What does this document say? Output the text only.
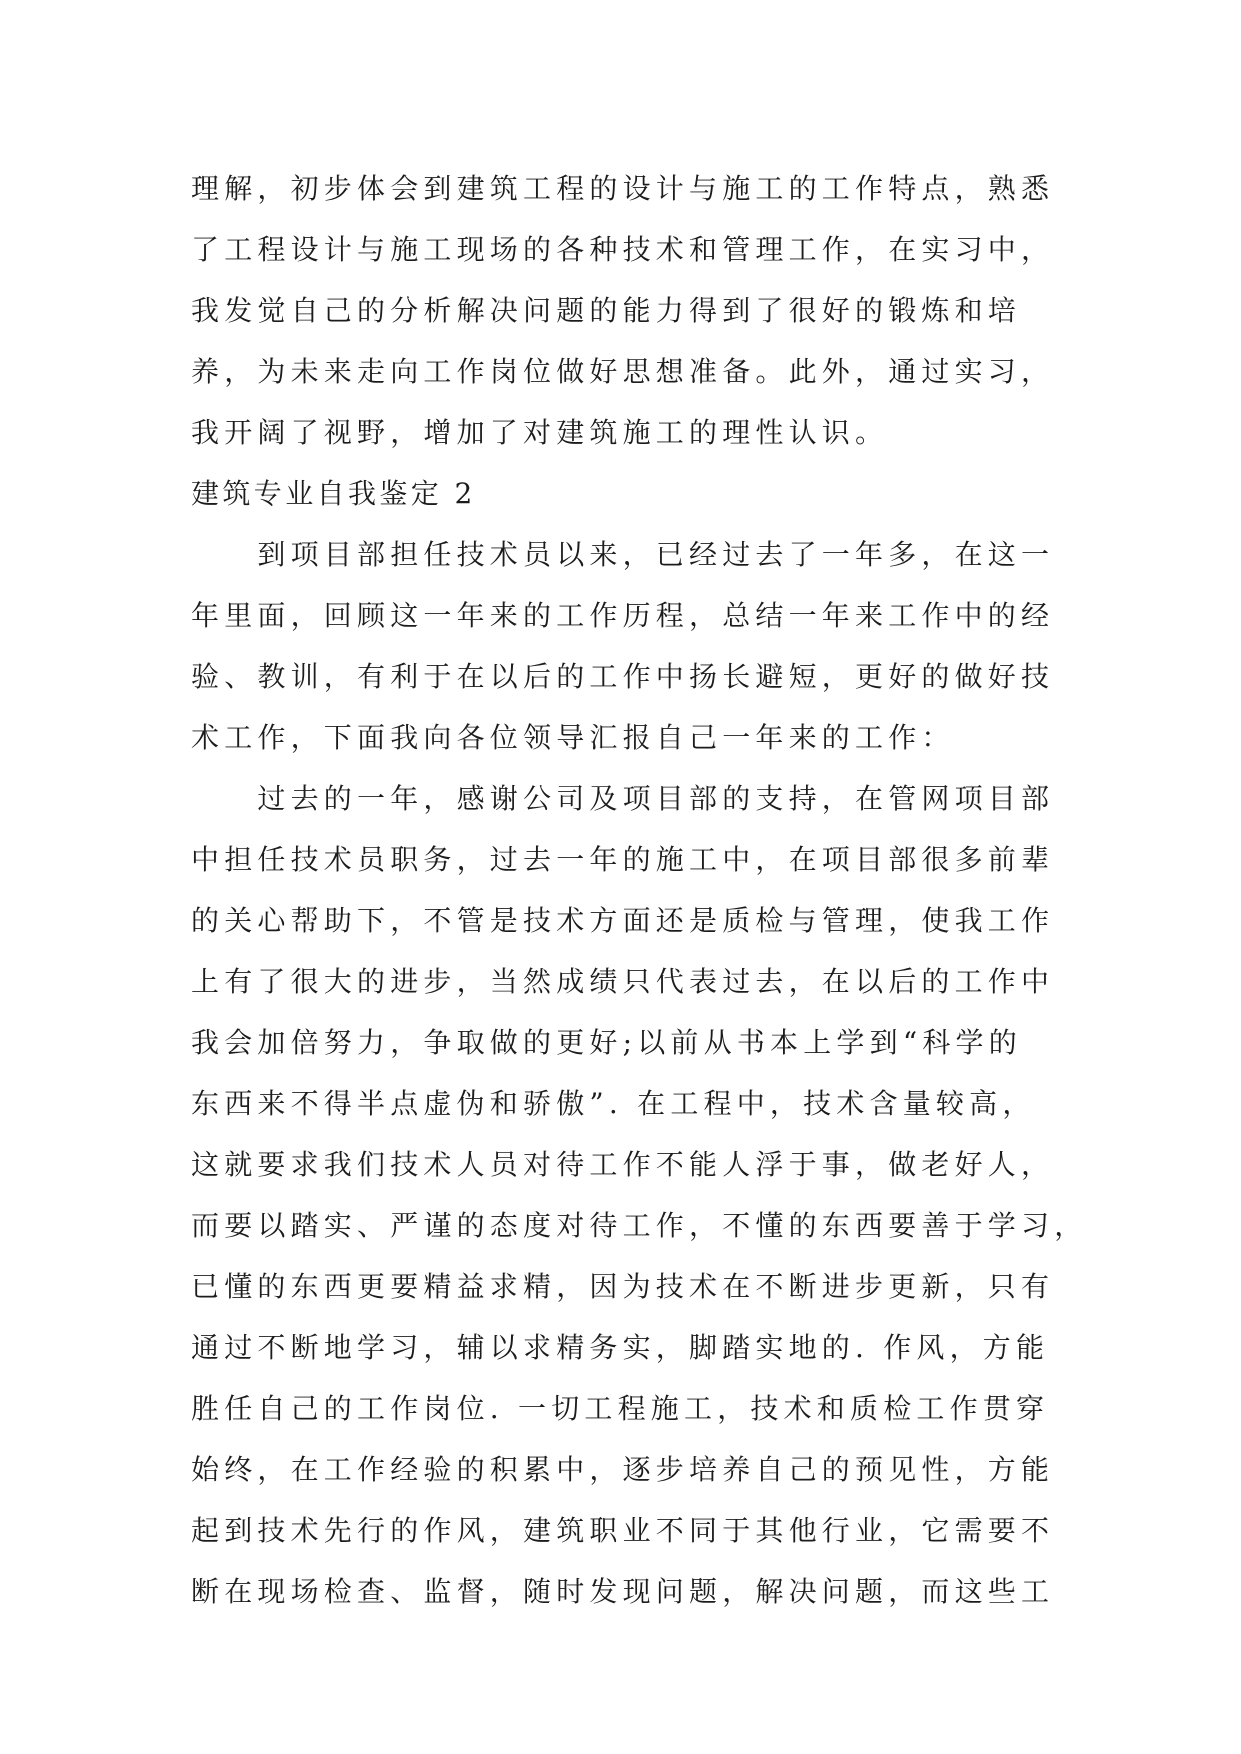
理解，初步体会到建筑工程的设计与施工的工作特点，熟悉
了工程设计与施工现场的各种技术和管理工作，在实习中，
我发觉自己的分析解决问题的能力得到了很好的锻炼和培
养，为未来走向工作岗位做好思想准备。此外，通过实习，
我开阔了视野，增加了对建筑施工的理性认识。
建筑专业自我鉴定 2
　　到项目部担任技术员以来，已经过去了一年多，在这一
年里面，回顾这一年来的工作历程，总结一年来工作中的经
验、教训，有利于在以后的工作中扬长避短，更好的做好技
术工作，下面我向各位领导汇报自己一年来的工作：
　　过去的一年，感谢公司及项目部的支持，在管网项目部
中担任技术员职务，过去一年的施工中，在项目部很多前辈
的关心帮助下，不管是技术方面还是质检与管理，使我工作
上有了很大的进步，当然成绩只代表过去，在以后的工作中
我会加倍努力，争取做的更好;以前从书本上学到“科学的
东西来不得半点虚伪和骄傲”. 在工程中，技术含量较高，
这就要求我们技术人员对待工作不能人浮于事，做老好人，
而要以踏实、严谨的态度对待工作，不懂的东西要善于学习，
已懂的东西更要精益求精，因为技术在不断进步更新，只有
通过不断地学习，辅以求精务实，脚踏实地的. 作风，方能
胜任自己的工作岗位. 一切工程施工，技术和质检工作贯穿
始终，在工作经验的积累中，逐步培养自己的预见性，方能
起到技术先行的作风，建筑职业不同于其他行业，它需要不
断在现场检查、监督，随时发现问题，解决问题，而这些工
